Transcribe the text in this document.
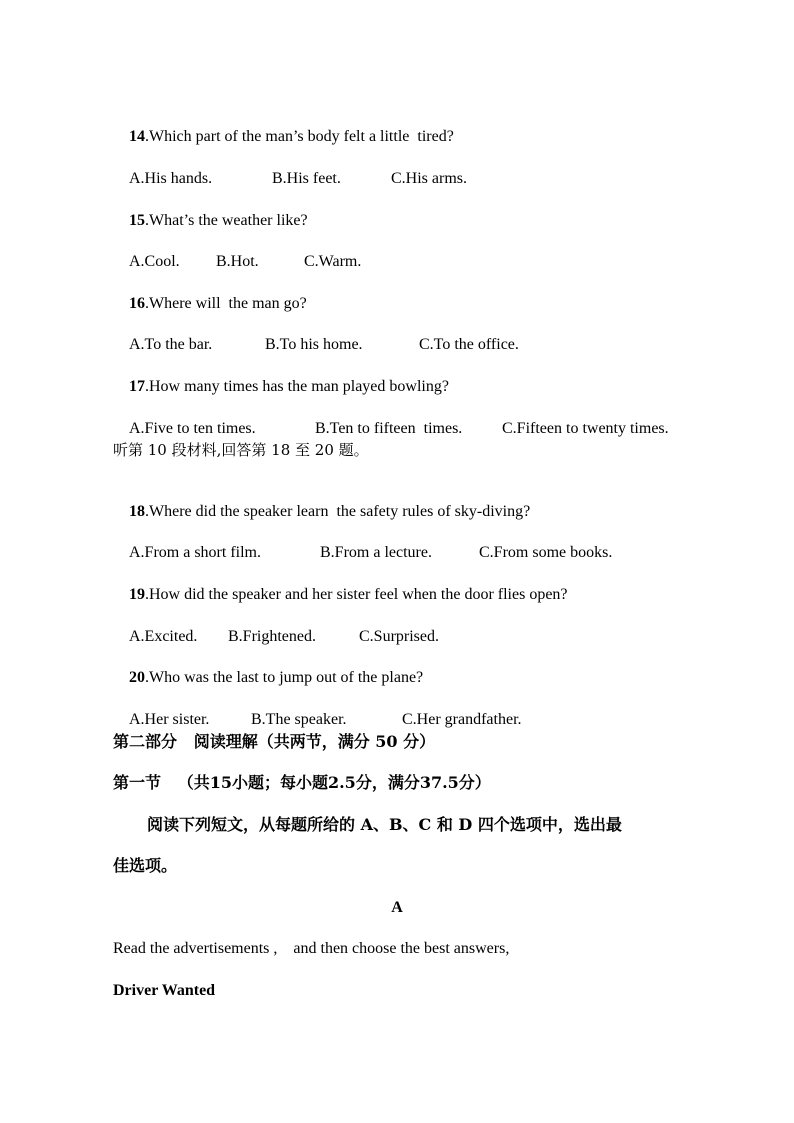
14.Which part of the man’s body felt a little  tired?

A.His hands.	B.His feet.	C.His arms.

15.What’s the weather like?

A.Cool. B.Hot.	C.Warm.

16.Where will  the man go?

A.To the bar.	B.To his home.	C.To the office.

17.How many times has the man played bowling?

A.Five to ten times.	B.Ten to fifteen  times. C.Fifteen to twenty times.

听第 10 段材料,回答第 18 至 20 题。

18.Where did the speaker learn  the safety rules of sky-diving?

A.From a short film.	B.From a lecture.	C.From some books.

19.How did the speaker and her sister feel when the door flies open?

A.Excited. B.Frightened.	C.Surprised.

20.Who was the last to jump out of the plane?

A.Her sister.	B.The speaker.	C.Her grandfather.

第二部分   阅读理解（共两节，满分 50 分）
第一节   （共15小题；每小题2.5分，满分37.5分）
阅读下列短文，从每题所给的 A、B、C 和 D 四个选项中，选出最
佳选项。
A
Read the advertisements ,    and then choose the best answers,
Driver Wanted
